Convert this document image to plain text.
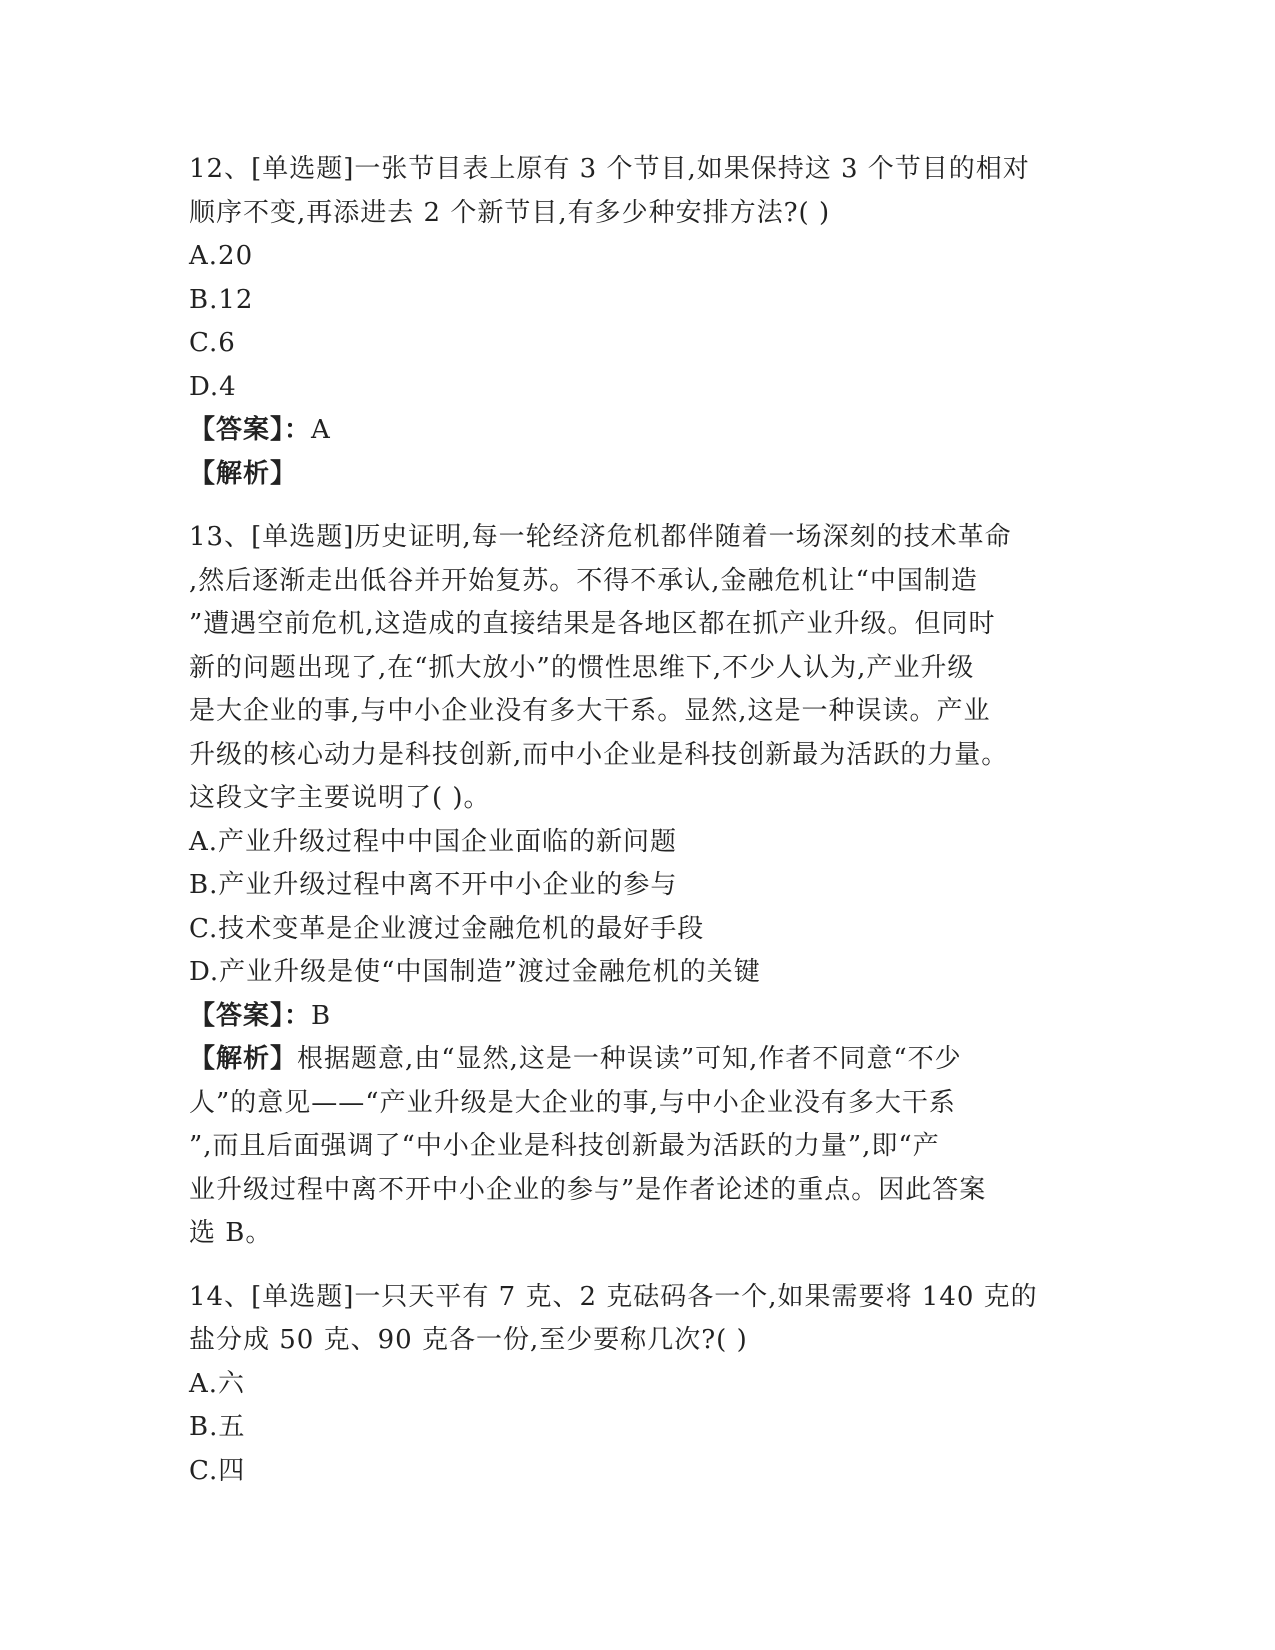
12、[单选题]一张节目表上原有 3 个节目,如果保持这 3 个节目的相对
顺序不变,再添进去 2 个新节目,有多少种安排方法?( )
A.20
B.12
C.6
D.4
【答案】：A
【解析】
13、[单选题]历史证明,每一轮经济危机都伴随着一场深刻的技术革命
,然后逐渐走出低谷并开始复苏。不得不承认,金融危机让“中国制造
”遭遇空前危机,这造成的直接结果是各地区都在抓产业升级。但同时
新的问题出现了,在“抓大放小”的惯性思维下,不少人认为,产业升级
是大企业的事,与中小企业没有多大干系。显然,这是一种误读。产业
升级的核心动力是科技创新,而中小企业是科技创新最为活跃的力量。
这段文字主要说明了( )。
A.产业升级过程中中国企业面临的新问题
B.产业升级过程中离不开中小企业的参与
C.技术变革是企业渡过金融危机的最好手段
D.产业升级是使“中国制造”渡过金融危机的关键
【答案】：B
【解析】根据题意,由“显然,这是一种误读”可知,作者不同意“不少
人”的意见——“产业升级是大企业的事,与中小企业没有多大干系
”,而且后面强调了“中小企业是科技创新最为活跃的力量”,即“产
业升级过程中离不开中小企业的参与”是作者论述的重点。因此答案
选 B。
14、[单选题]一只天平有 7 克、2 克砝码各一个,如果需要将 140 克的
盐分成 50 克、90 克各一份,至少要称几次?( )
A.六
B.五
C.四
